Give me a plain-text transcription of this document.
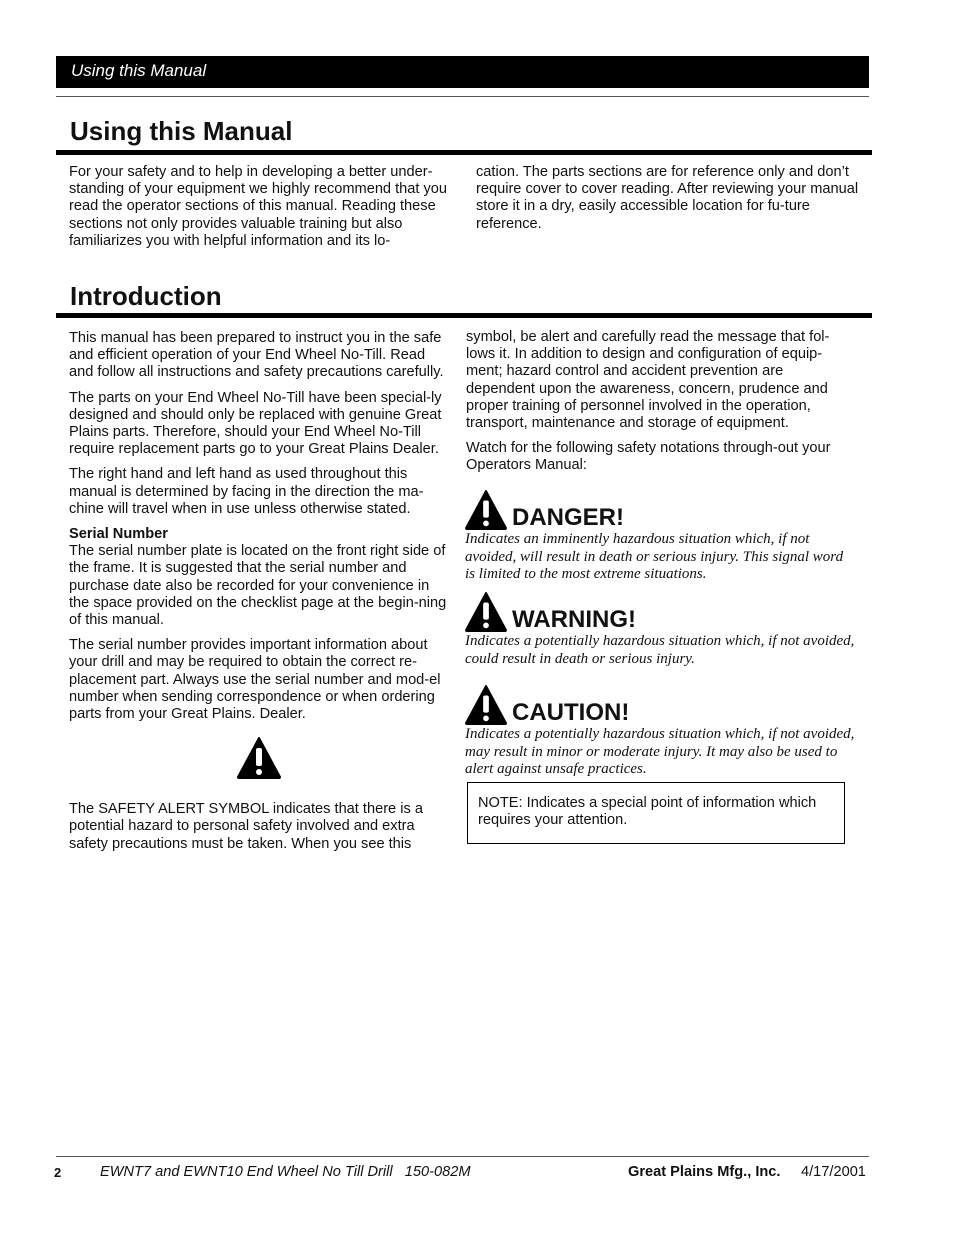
Using this Manual
Using this Manual

For your safety and to help in developing a better under-standing of your equipment we highly recommend that you read the operator sections of this manual. Reading these sections not only provides valuable training but also familiarizes you with helpful information and its lo-

cation. The parts sections are for reference only and don’t require cover to cover reading. After reviewing your manual store it in a dry, easily accessible location for fu-ture reference.

Introduction

This manual has been prepared to instruct you in the safe and efficient operation of your End Wheel No-Till. Read and follow all instructions and safety precautions carefully.

The parts on your End Wheel No-Till have been special-ly designed and should only be replaced with genuine Great Plains parts. Therefore, should your End Wheel No-Till require replacement parts go to your Great Plains Dealer.

The right hand and left hand as used throughout this manual is determined by facing in the direction the ma-chine will travel when in use unless otherwise stated.

Serial Number
The serial number plate is located on the front right side of the frame. It is suggested that the serial number and purchase date also be recorded for your convenience in the space provided on the checklist page at the begin-ning of this manual.

The serial number provides important information about your drill and may be required to obtain the correct re-placement part. Always use the serial number and mod-el number when sending correspondence or when ordering parts from your Great Plains. Dealer.

The SAFETY ALERT SYMBOL indicates that there is a potential hazard to personal safety involved and extra safety precautions must be taken. When you see this

symbol, be alert and carefully read the message that fol-lows it. In addition to design and configuration of equip-ment; hazard control and accident prevention are dependent upon the awareness, concern, prudence and proper training of personnel involved in the operation, transport, maintenance and storage of equipment.

Watch for the following safety notations through-out your Operators Manual:

DANGER!
Indicates an imminently hazardous situation which, if not avoided, will result in death or serious injury. This signal word is limited to the most extreme situations.
WARNING!
Indicates a potentially hazardous situation which, if not avoided, could result in death or serious injury.
CAUTION!
Indicates a potentially hazardous situation which, if not avoided, may result in minor or moderate injury. It may also be used to alert against unsafe practices.
NOTE: Indicates a special point of information which requires your attention.
2	EWNT7 and EWNT10 End Wheel No Till Drill   150-082M	Great Plains Mfg., Inc. 4/17/2001
